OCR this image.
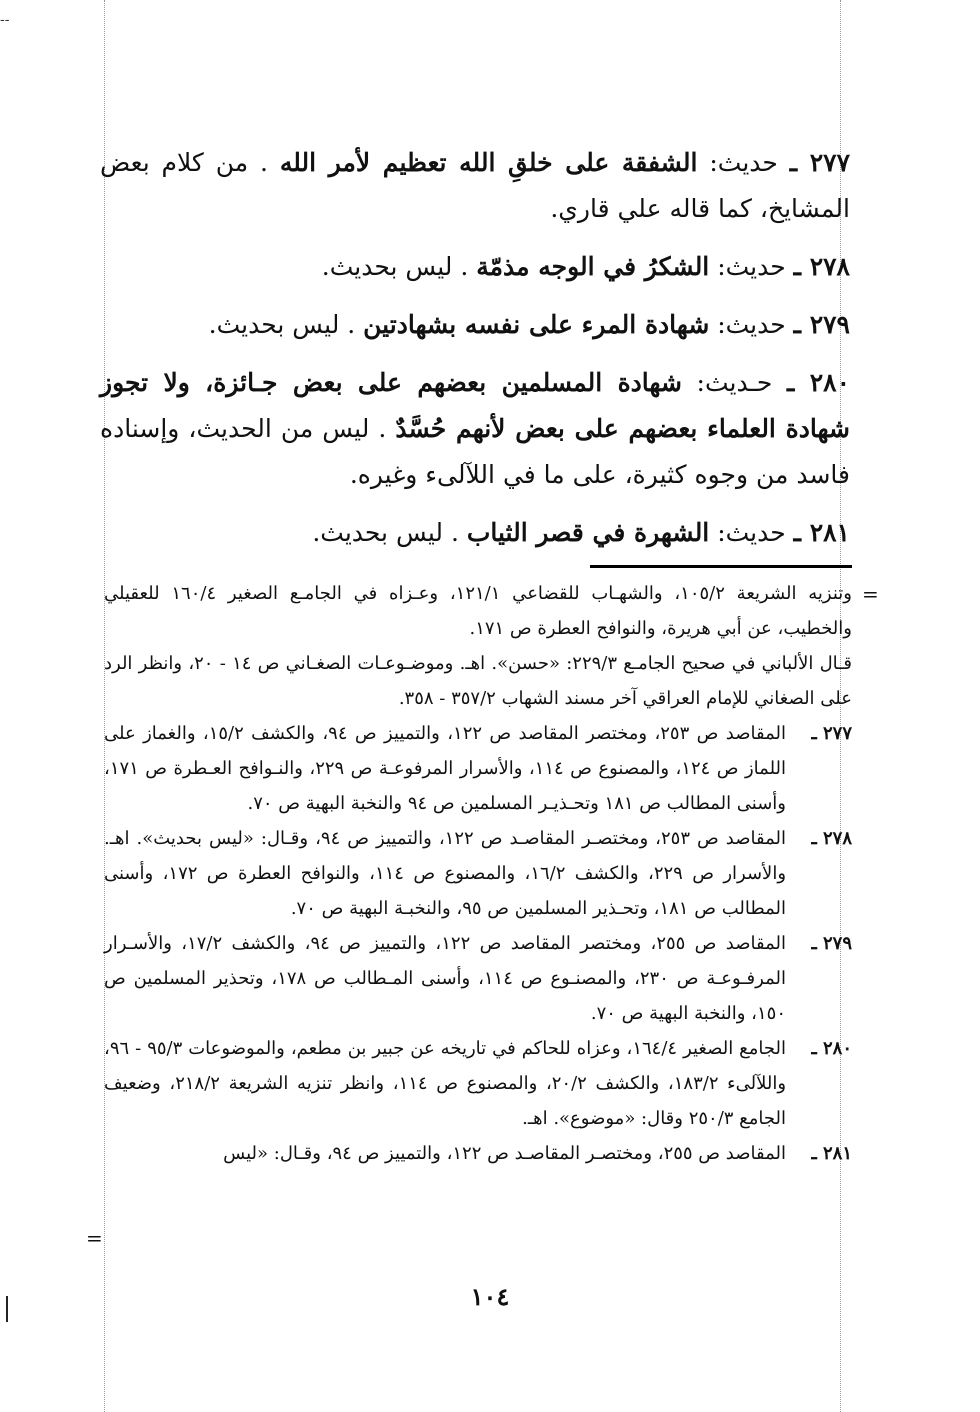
--

٢٧٧ ـ حديث: الشفقة على خلقِ الله تعظيم لأمر الله . من كلام بعض المشايخ، كما قاله علي قاري.

٢٧٨ ـ حديث: الشكرُ في الوجه مذمّة . ليس بحديث.

٢٧٩ ـ حديث: شهادة المرء على نفسه بشهادتين . ليس بحديث.

٢٨٠ ـ حـديث: شهادة المسلمين بعضهم على بعض جـائزة، ولا تجوز شهادة العلماء بعضهم على بعض لأنهم حُسَّدٌ . ليس من الحديث، وإسناده فاسد من وجوه كثيرة، على ما في اللآلىء وغيره.

٢٨١ ـ حديث: الشهرة في قصر الثياب . ليس بحديث.

=

وتنزيه الشريعة ١٠٥/٢، والشهـاب للقضاعي ١٢١/١، وعـزاه في الجامـع الصغير ١٦٠/٤ للعقيلي والخطيب، عن أبي هريرة، والنوافح العطرة ص ١٧١.

قـال الألباني في صحيح الجامـع ٢٢٩/٣: «حسن». اهـ. وموضـوعـات الصغـاني ص ١٤ - ٢٠، وانظر الرد على الصغاني للإمام العراقي آخر مسند الشهاب ٣٥٧/٢ - ٣٥٨.

٢٧٧ ـ
المقاصد ص ٢٥٣، ومختصر المقاصد ص ١٢٢، والتمييز ص ٩٤، والكشف ١٥/٢، والغماز على اللماز ص ١٢٤، والمصنوع ص ١١٤، والأسرار المرفوعـة ص ٢٢٩، والنـوافح العـطرة ص ١٧١، وأسنى المطالب ص ١٨١ وتحـذيـر المسلمين ص ٩٤ والنخبة البهية ص ٧٠.

٢٧٨ ـ
المقاصد ص ٢٥٣، ومختصـر المقاصـد ص ١٢٢، والتمييز ص ٩٤، وقـال: «ليس بحديث». اهـ. والأسرار ص ٢٢٩، والكشف ١٦/٢، والمصنوع ص ١١٤، والنوافح العطرة ص ١٧٢، وأسنى المطالب ص ١٨١، وتحـذير المسلمين ص ٩٥، والنخبـة البهية ص ٧٠.

٢٧٩ ـ
المقاصد ص ٢٥٥، ومختصر المقاصد ص ١٢٢، والتمييز ص ٩٤، والكشف ١٧/٢، والأسـرار المرفـوعـة ص ٢٣٠، والمصنـوع ص ١١٤، وأسنى المـطالب ص ١٧٨، وتحذير المسلمين ص ١٥٠، والنخبة البهية ص ٧٠.

٢٨٠ ـ
الجامع الصغير ١٦٤/٤، وعزاه للحاكم في تاريخه عن جبير بن مطعم، والموضوعات ٩٥/٣ - ٩٦، واللآلىء ١٨٣/٢، والكشف ٢٠/٢، والمصنوع ص ١١٤، وانظر تنزيه الشريعة ٢١٨/٢، وضعيف الجامع ٢٥٠/٣ وقال: «موضوع». اهـ.

٢٨١ ـ
المقاصد ص ٢٥٥، ومختصـر المقاصـد ص ١٢٢، والتمييز ص ٩٤، وقـال: «ليس

=
١٠٤
